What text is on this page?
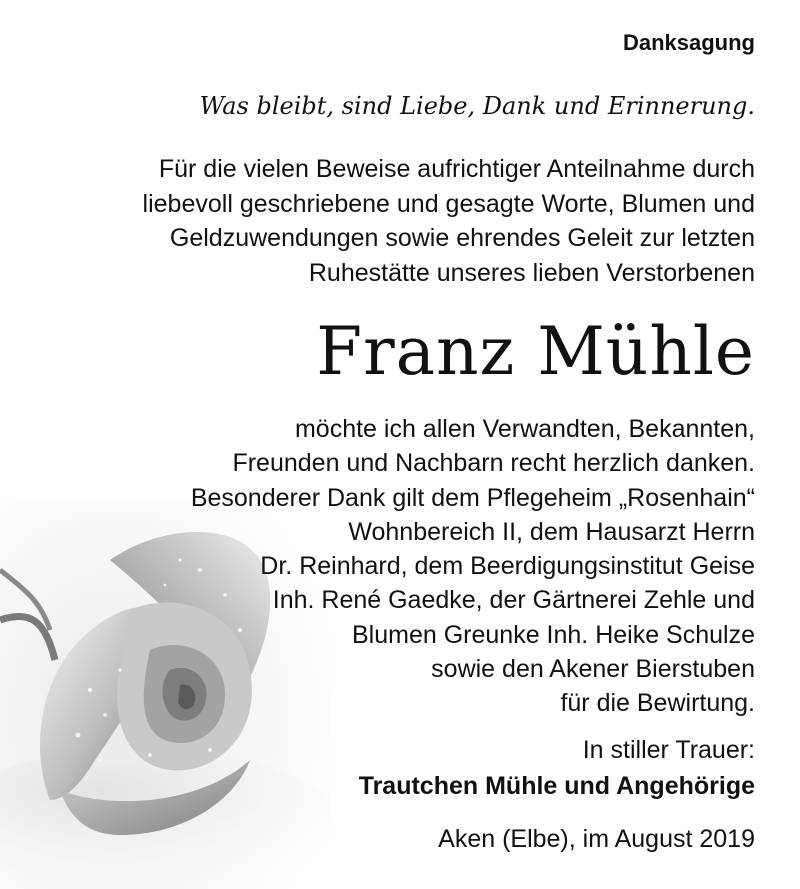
Danksagung
Was bleibt, sind Liebe, Dank und Erinnerung.
Für die vielen Beweise aufrichtiger Anteilnahme durch
liebevoll geschriebene und gesagte Worte, Blumen und
Geldzuwendungen sowie ehrendes Geleit zur letzten
Ruhestätte unseres lieben Verstorbenen
Franz Mühle
möchte ich allen Verwandten, Bekannten,
Freunden und Nachbarn recht herzlich danken.
Besonderer Dank gilt dem Pflegeheim „Rosenhain“
Wohnbereich II, dem Hausarzt Herrn
Dr. Reinhard, dem Beerdigungsinstitut Geise
Inh. René Gaedke, der Gärtnerei Zehle und
Blumen Greunke Inh. Heike Schulze
sowie den Akener Bierstuben
für die Bewirtung.
In stiller Trauer:
Trautchen Mühle und Angehörige
Aken (Elbe), im August 2019
